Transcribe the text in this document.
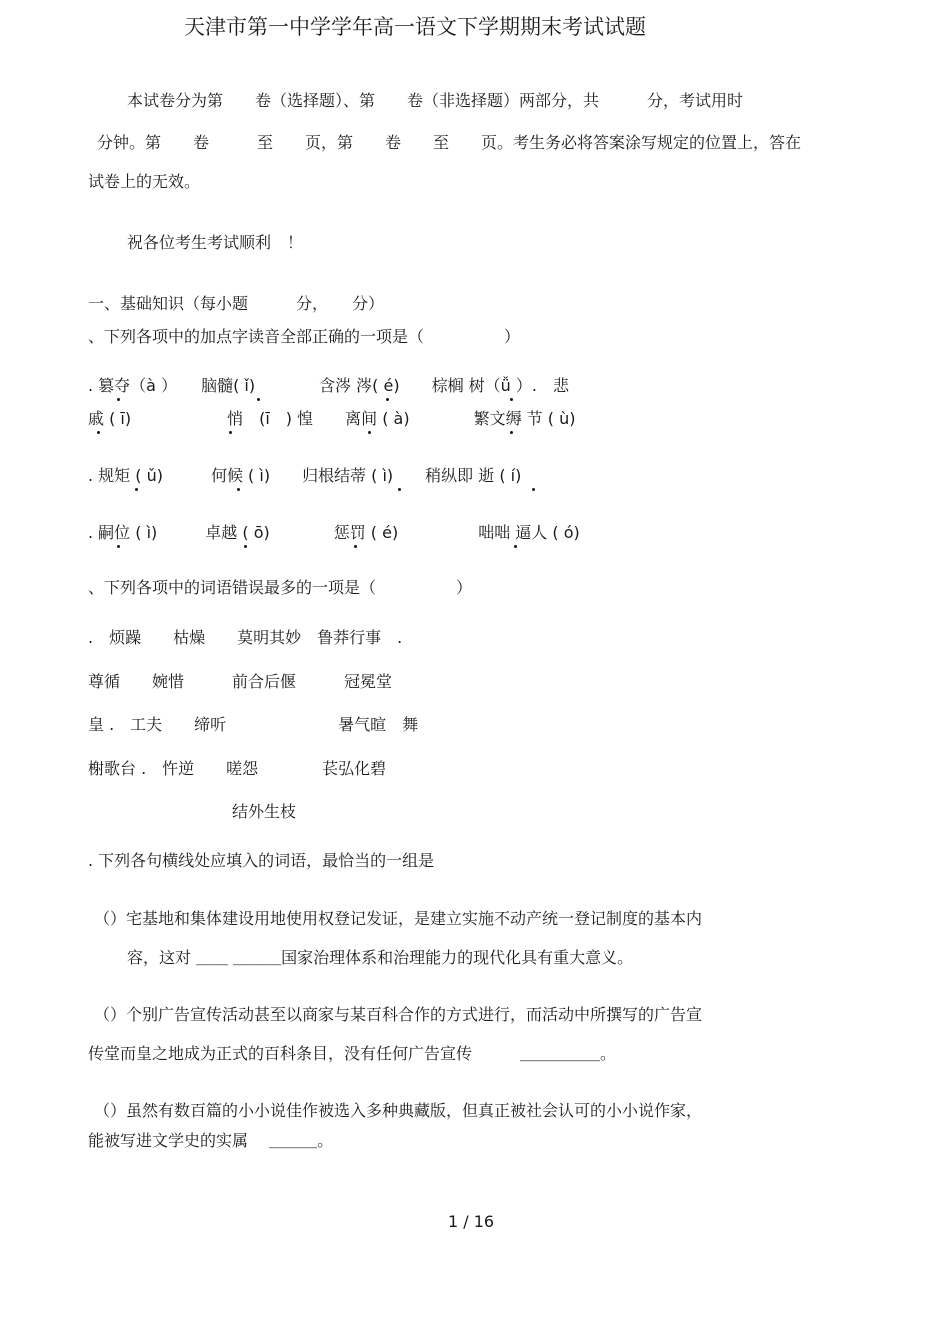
天津市第一中学学年高一语文下学期期末考试试题
本试卷分为第　　卷（选择题）、第　　卷（非选择题）两部分，共　　　分，考试用时
分钟。第　　卷　　　至　　页，第　　卷　　至　　页。考生务必将答案涂写规定的位置上，答在
试卷上的无效。
祝各位考生考试顺利　！
一、基础知识（每小题　　　分，　　分）
、下列各项中的加点字读音全部正确的一项是（　　　　　）
. 篡夺（à ）　　脑髓( ǐ)　　　　含涔 涔( é)　　棕榈 树（ǚ ）.　悲
戚 ( ī)　　　　　　悄　(ī　) 惶　　离间 ( à)　　　　繁文缛 节 ( ù)
. 规矩 ( ǔ)　　　何候 ( ì)　　归根结蒂 ( ì)　　稍纵即 逝 ( í)
. 嗣位 ( ì)　　　卓越 ( ō)　　　　惩罚 ( é)　　　　　咄咄 逼人 ( ó)
、下列各项中的词语错误最多的一项是（　　　　　）
.　烦躁　　枯燥　　莫明其妙　鲁莽行事　.
尊循　　婉惜　　　前合后偃　　　冠冕堂
皇 .　工夫　　缔听　　　　　　　暑气暄　舞
榭歌台 .　忤逆　　嗟怨　　　　苌弘化碧
结外生枝
. 下列各句横线处应填入的词语，最恰当的一组是
（）宅基地和集体建设用地使用权登记发证，是建立实施不动产统一登记制度的基本内
容，这对 ＿＿ ＿＿＿国家治理体系和治理能力的现代化具有重大意义。
（）个别广告宣传活动甚至以商家与某百科合作的方式进行，而活动中所撰写的广告宣
传堂而皇之地成为正式的百科条目，没有任何广告宣传　　　＿＿＿＿＿。
（）虽然有数百篇的小小说佳作被选入多种典藏版，但真正被社会认可的小小说作家，
能被写进文学史的实属　 ＿＿＿。
1 / 16
